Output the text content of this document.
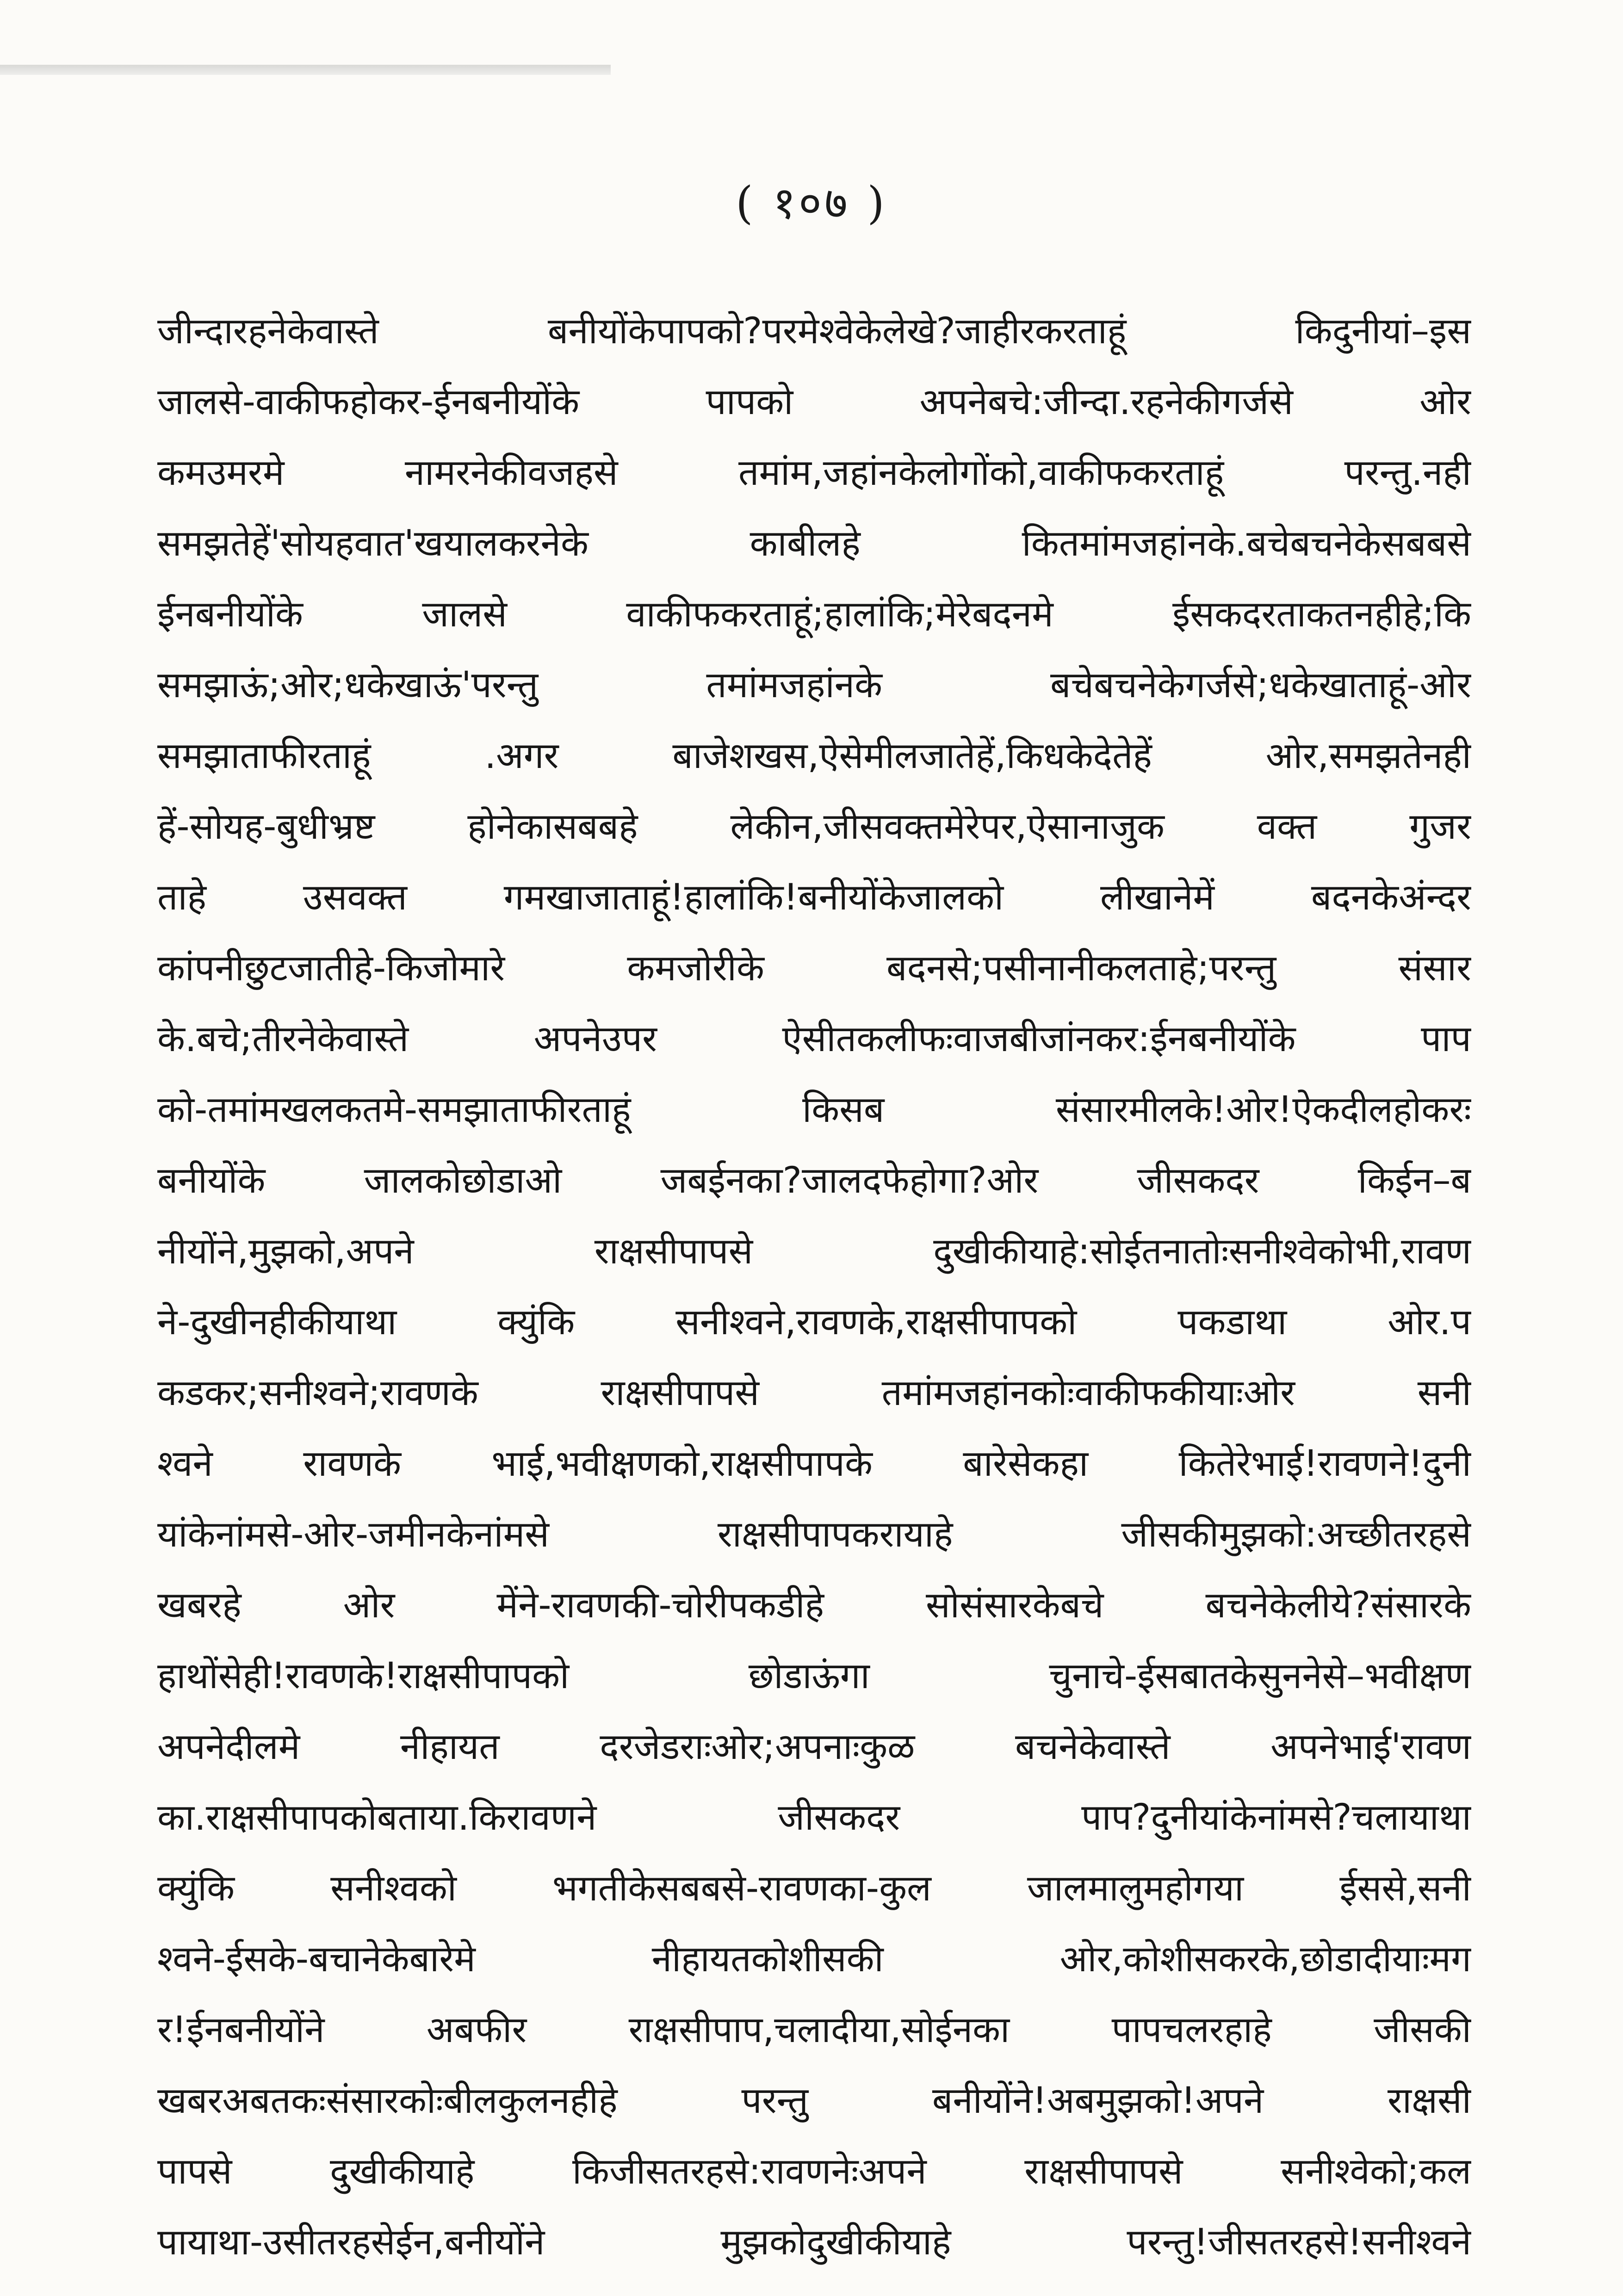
( १०७ )
जीन्दारहनेकेवास्ते बनीयोंकेपापको?परमेश्वेकेलेखे?जाहीरकरताहूं किदुनीयां–इस
जालसे-वाकीफहोकर-ईनबनीयोंके पापको अपनेबचे:जीन्दा.रहनेकीगर्जसे ओर
कमउमरमे नामरनेकीवजहसे तमांम,जहांनकेलोगोंको,वाकीफकरताहूं परन्तु.नही
समझतेहें'सोयहवात'खयालकरनेके काबीलहे कितमांमजहांनके.बचेबचनेकेसबबसे
ईनबनीयोंके जालसे वाकीफकरताहूं;हालांकि;मेरेबदनमे ईसकदरताकतनहीहे;कि
समझाऊं;ओर;धकेखाऊं'परन्तु तमांमजहांनके बचेबचनेकेगर्जसे;धकेखाताहूं-ओर
समझाताफीरताहूं .अगर बाजेशखस,ऐसेमीलजातेहें,किधकेदेतेहें ओर,समझतेनही
हें-सोयह-बुधीभ्रष्ट होनेकासबबहे लेकीन,जीसवक्तमेरेपर,ऐसानाजुक वक्त गुजर
ताहे उसवक्त गमखाजाताहूं!हालांकि!बनीयोंकेजालको लीखानेमें बदनकेअंन्दर
कांपनीछुटजातीहे-किजोमारे कमजोरीके बदनसे;पसीनानीकलताहे;परन्तु संसार
के.बचे;तीरनेकेवास्ते अपनेउपर ऐसीतकलीफःवाजबीजांनकर:ईनबनीयोंके पाप
को-तमांमखलकतमे-समझाताफीरताहूं किसब संसारमीलके!ओर!ऐकदीलहोकरः
बनीयोंके जालकोछोडाओ जबईनका?जालदफेहोगा?ओर जीसकदर किईन–ब
नीयोंने,मुझको,अपने राक्षसीपापसे दुखीकीयाहे:सोईतनातोःसनीश्वेकोभी,रावण
ने-दुखीनहीकीयाथा क्युंकि सनीश्वने,रावणके,राक्षसीपापको पकडाथा ओर.प
कडकर;सनीश्वने;रावणके राक्षसीपापसे तमांमजहांनकोःवाकीफकीयाःओर सनी
श्वने रावणके भाई,भवीक्षणको,राक्षसीपापके बारेसेकहा कितेरेभाई!रावणने!दुनी
यांकेनांमसे-ओर-जमीनकेनांमसे राक्षसीपापकरायाहे जीसकीमुझको:अच्छीतरहसे
खबरहे ओर मेंने-रावणकी-चोरीपकडीहे सोसंसारकेबचे बचनेकेलीये?संसारके
हाथोंसेही!रावणके!राक्षसीपापको छोडाऊंगा चुनाचे-ईसबातकेसुननेसे–भवीक्षण
अपनेदीलमे नीहायत दरजेडराःओर;अपनाःकुळ बचनेकेवास्ते अपनेभाई'रावण
का.राक्षसीपापकोबताया.किरावणने जीसकदर पाप?दुनीयांकेनांमसे?चलायाथा
क्युंकि सनीश्वको भगतीकेसबबसे-रावणका-कुल जालमालुमहोगया ईससे,सनी
श्वने-ईसके-बचानेकेबारेमे नीहायतकोशीसकी ओर,कोशीसकरके,छोडादीयाःमग
र!ईनबनीयोंने अबफीर राक्षसीपाप,चलादीया,सोईनका पापचलरहाहे जीसकी
खबरअबतकःसंसारकोःबीलकुलनहीहे परन्तु बनीयोंने!अबमुझको!अपने राक्षसी
पापसे दुखीकीयाहे किजीसतरहसे:रावणनेःअपने राक्षसीपापसे सनीश्वेको;कल
पायाथा-उसीतरहसेईन,बनीयोंने मुझकोदुखीकीयाहे परन्तु!जीसतरहसे!सनीश्वने
